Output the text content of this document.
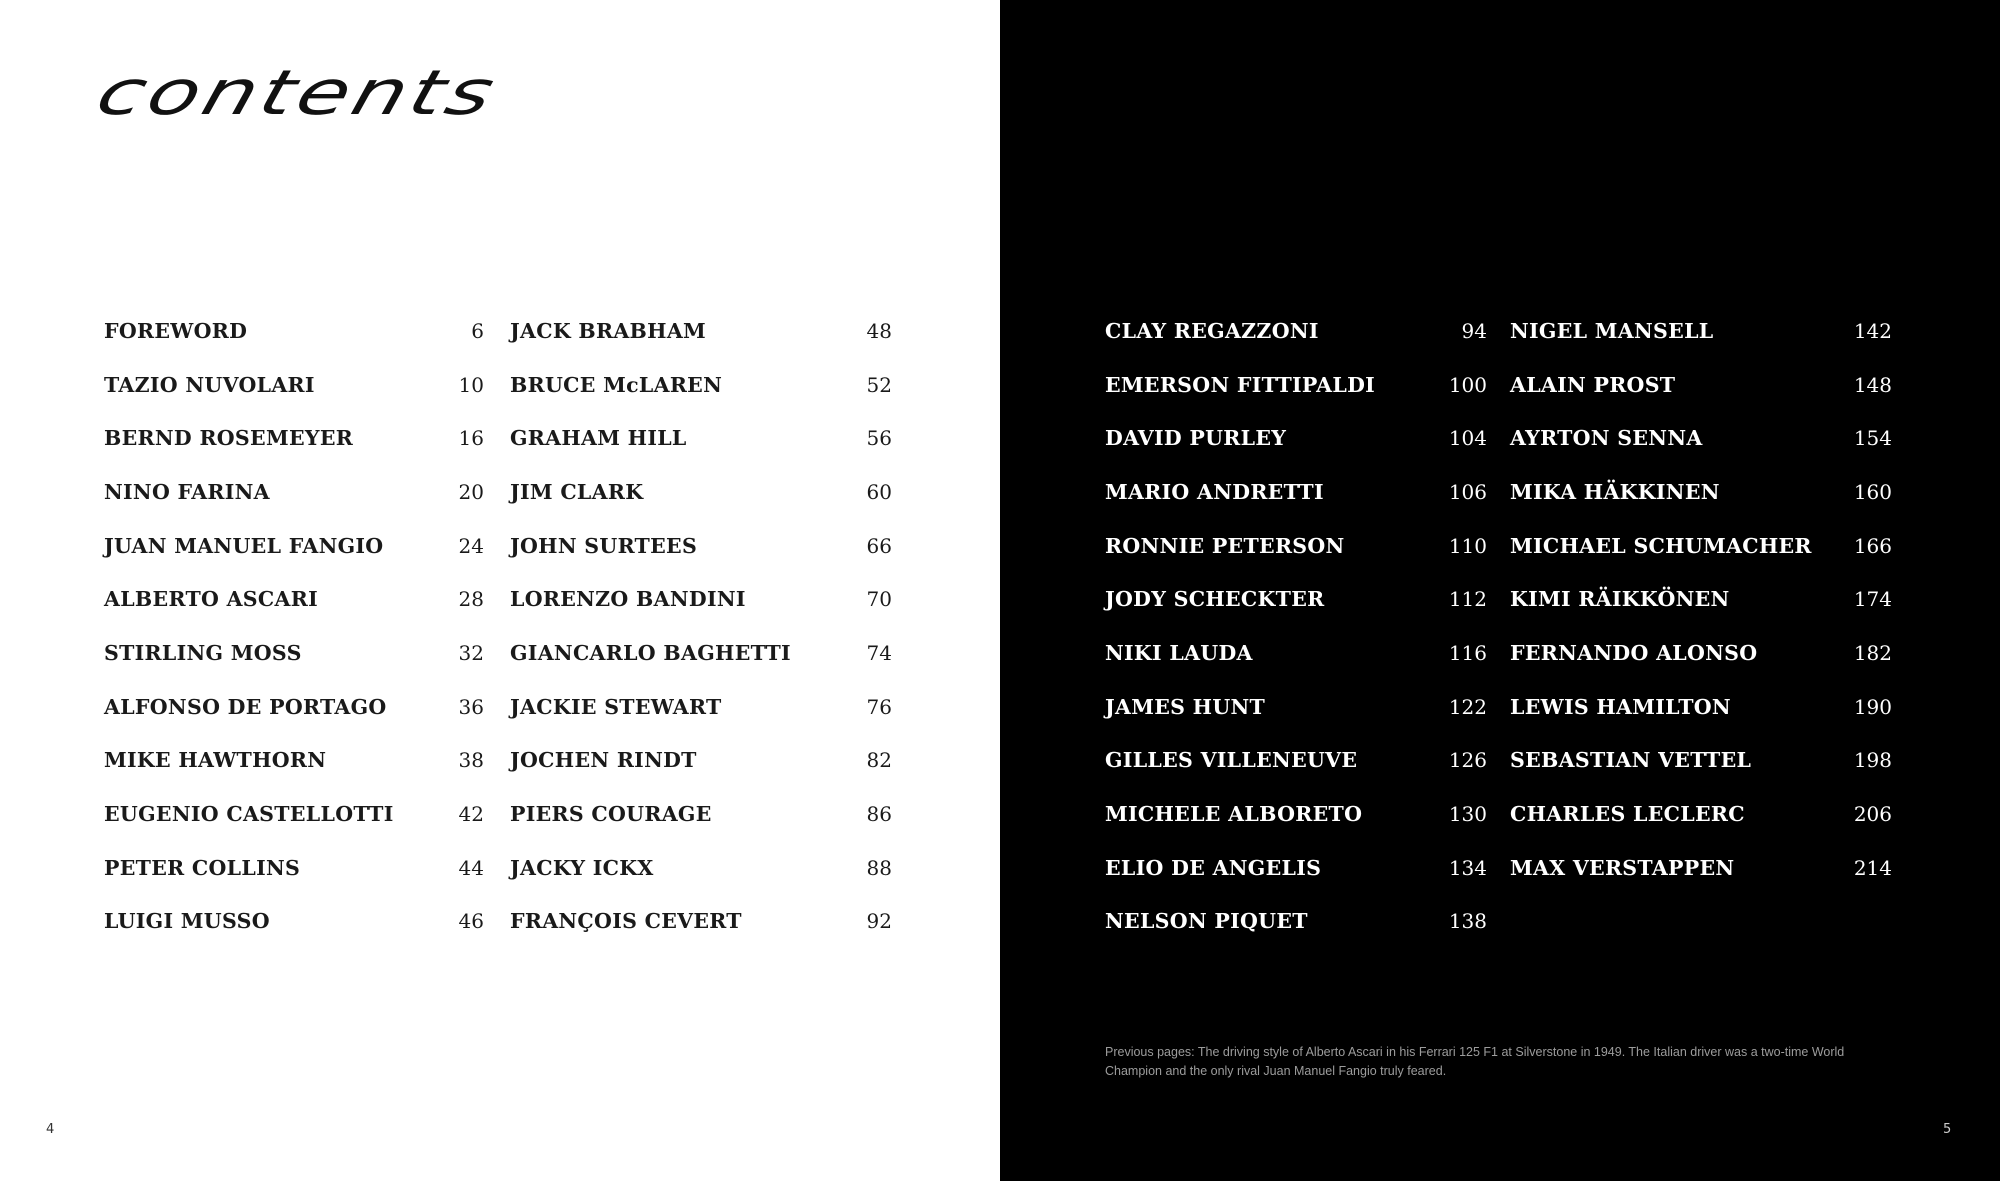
contents
FOREWORD	6
TAZIO NUVOLARI	10
BERND ROSEMEYER	16
NINO FARINA	20
JUAN MANUEL FANGIO	24
ALBERTO ASCARI	28
STIRLING MOSS	32
ALFONSO DE PORTAGO	36
MIKE HAWTHORN	38
EUGENIO CASTELLOTTI	42
PETER COLLINS	44
LUIGI MUSSO	46
JACK BRABHAM	48
BRUCE McLAREN	52
GRAHAM HILL	56
JIM CLARK	60
JOHN SURTEES	66
LORENZO BANDINI	70
GIANCARLO BAGHETTI	74
JACKIE STEWART	76
JOCHEN RINDT	82
PIERS COURAGE	86
JACKY ICKX	88
FRANÇOIS CEVERT	92
CLAY REGAZZONI	94
EMERSON FITTIPALDI	100
DAVID PURLEY	104
MARIO ANDRETTI	106
RONNIE PETERSON	110
JODY SCHECKTER	112
NIKI LAUDA	116
JAMES HUNT	122
GILLES VILLENEUVE	126
MICHELE ALBORETO	130
ELIO DE ANGELIS	134
NELSON PIQUET	138
NIGEL MANSELL	142
ALAIN PROST	148
AYRTON SENNA	154
MIKA HÄKKINEN	160
MICHAEL SCHUMACHER 166
KIMI RÄIKKÖNEN	174
FERNANDO ALONSO	182
LEWIS HAMILTON	190
SEBASTIAN VETTEL	198
CHARLES LECLERC	206
MAX VERSTAPPEN	214

Previous pages: The driving style of Alberto Ascari in his Ferrari 125 F1 at Silverstone in 1949. The Italian driver was a two-time World Champion and the only rival Juan Manuel Fangio truly feared.

4	5
